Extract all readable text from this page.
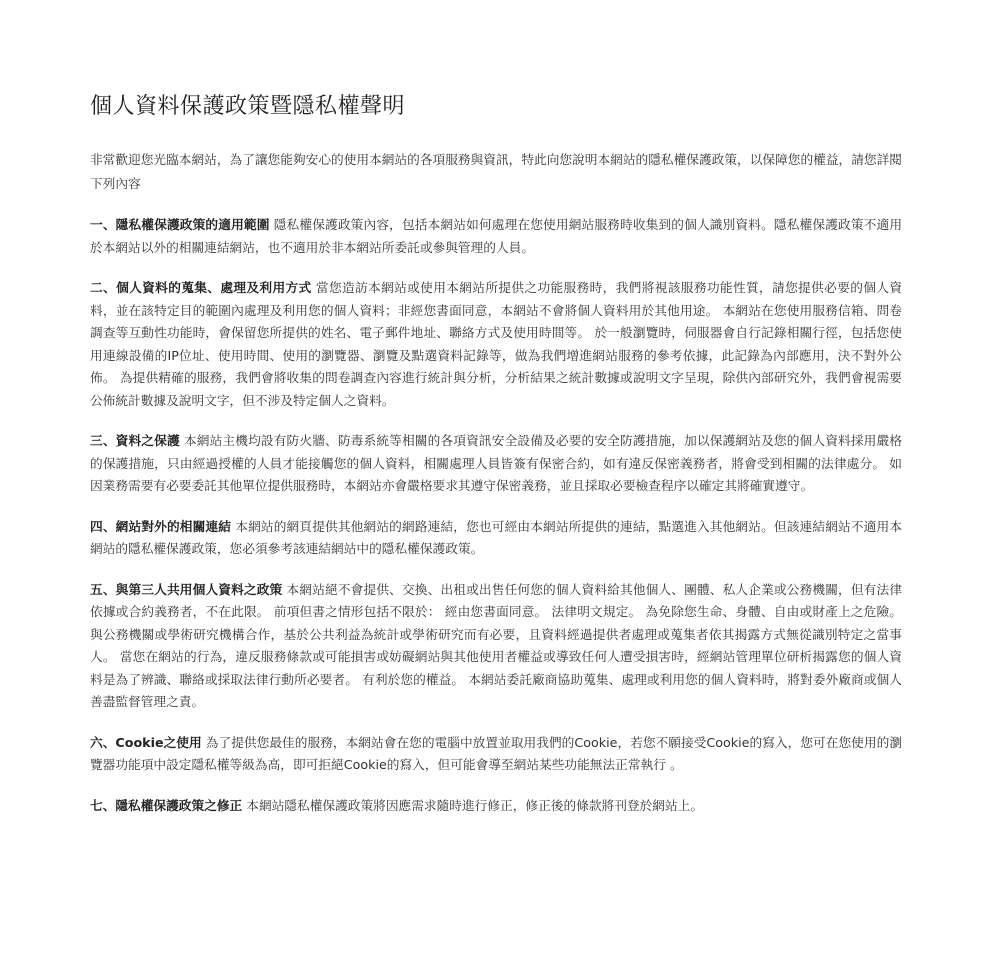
個人資料保護政策暨隱私權聲明

非常歡迎您光臨本網站，為了讓您能夠安心的使用本網站的各項服務與資訊，特此向您說明本網站的隱私權保護政策，以保障您的權益，請您詳閱下列內容

一、隱私權保護政策的適用範圍 隱私權保護政策內容，包括本網站如何處理在您使用網站服務時收集到的個人識別資料。隱私權保護政策不適用於本網站以外的相關連結網站，也不適用於非本網站所委託或參與管理的人員。

二、個人資料的蒐集、處理及利用方式 當您造訪本網站或使用本網站所提供之功能服務時，我們將視該服務功能性質，請您提供必要的個人資料，並在該特定目的範圍內處理及利用您的個人資料；非經您書面同意，本網站不會將個人資料用於其他用途。 本網站在您使用服務信箱、問卷調查等互動性功能時，會保留您所提供的姓名、電子郵件地址、聯絡方式及使用時間等。 於一般瀏覽時，伺服器會自行記錄相關行徑，包括您使用連線設備的IP位址、使用時間、使用的瀏覽器、瀏覽及點選資料記錄等，做為我們增進網站服務的參考依據，此記錄為內部應用，決不對外公佈。 為提供精確的服務，我們會將收集的問卷調查內容進行統計與分析，分析結果之統計數據或說明文字呈現，除供內部研究外，我們會視需要公佈統計數據及說明文字，但不涉及特定個人之資料。

三、資料之保護 本網站主機均設有防火牆、防毒系統等相關的各項資訊安全設備及必要的安全防護措施，加以保護網站及您的個人資料採用嚴格的保護措施，只由經過授權的人員才能接觸您的個人資料，相關處理人員皆簽有保密合約，如有違反保密義務者，將會受到相關的法律處分。 如因業務需要有必要委託其他單位提供服務時，本網站亦會嚴格要求其遵守保密義務，並且採取必要檢查程序以確定其將確實遵守。

四、網站對外的相關連結 本網站的網頁提供其他網站的網路連結，您也可經由本網站所提供的連結，點選進入其他網站。但該連結網站不適用本網站的隱私權保護政策，您必須參考該連結網站中的隱私權保護政策。

五、與第三人共用個人資料之政策 本網站絕不會提供、交換、出租或出售任何您的個人資料給其他個人、團體、私人企業或公務機關，但有法律依據或合約義務者，不在此限。 前項但書之情形包括不限於： 經由您書面同意。 法律明文規定。 為免除您生命、身體、自由或財產上之危險。 與公務機關或學術研究機構合作，基於公共利益為統計或學術研究而有必要，且資料經過提供者處理或蒐集者依其揭露方式無從識別特定之當事人。 當您在網站的行為，違反服務條款或可能損害或妨礙網站與其他使用者權益或導致任何人遭受損害時，經網站管理單位研析揭露您的個人資料是為了辨識、聯絡或採取法律行動所必要者。 有利於您的權益。 本網站委託廠商協助蒐集、處理或利用您的個人資料時，將對委外廠商或個人善盡監督管理之責。

六、Cookie之使用 為了提供您最佳的服務，本網站會在您的電腦中放置並取用我們的Cookie，若您不願接受Cookie的寫入，您可在您使用的瀏覽器功能項中設定隱私權等級為高，即可拒絕Cookie的寫入，但可能會導至網站某些功能無法正常執行 。

七、隱私權保護政策之修正 本網站隱私權保護政策將因應需求隨時進行修正，修正後的條款將刊登於網站上。
